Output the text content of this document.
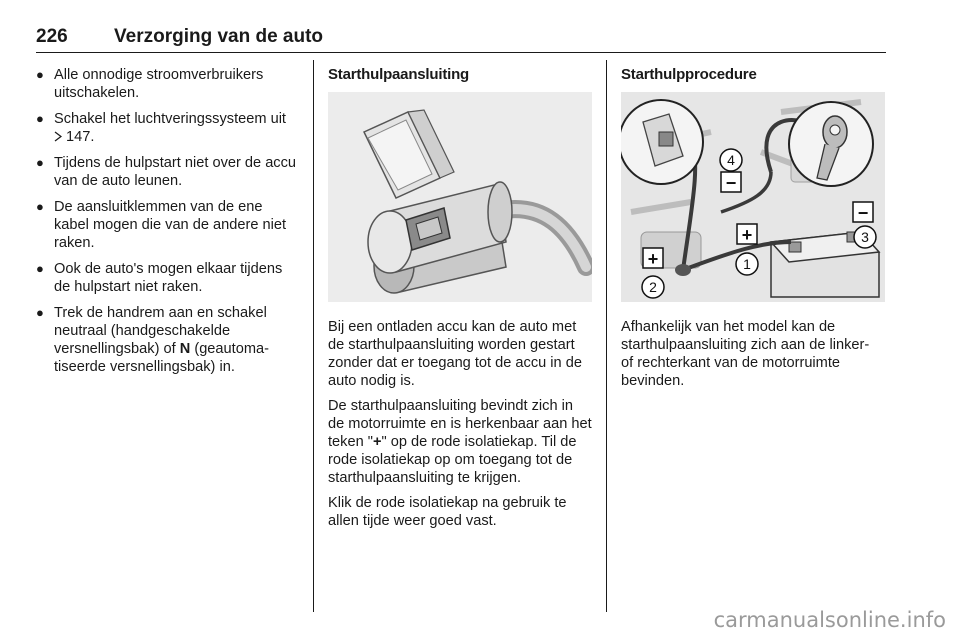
226 Verzorging van de auto
● Alle onnodige stroomverbruikers uitschakelen.
● Schakel het luchtveringssysteem uit  147.
● Tijdens de hulpstart niet over de accu van de auto leunen.
● De aansluitklemmen van de ene kabel mogen die van de andere niet raken.
● Ook de auto's mogen elkaar tijdens de hulpstart niet raken.
● Trek de handrem aan en schakel neutraal (handgeschakelde versnellingsbak) of N (geautomatiseerde versnellingsbak) in.
Starthulpaansluiting

Bij een ontladen accu kan de auto met de starthulpaansluiting worden gestart zonder dat er toegang tot de accu in de auto nodig is.

De starthulpaansluiting bevindt zich in de motorruimte en is herkenbaar aan het teken "+" op de rode isolatiekap. Til de rode isolatiekap op om toegang tot de starthulpaansluiting te krijgen.

Klik de rode isolatiekap na gebruik te allen tijde weer goed vast.

Starthulpprocedure
−
−
+
+
4
3
1
2

Afhankelijk van het model kan de starthulpaansluiting zich aan de linker- of rechterkant van de motorruimte bevinden.

carmanualsonline.info
